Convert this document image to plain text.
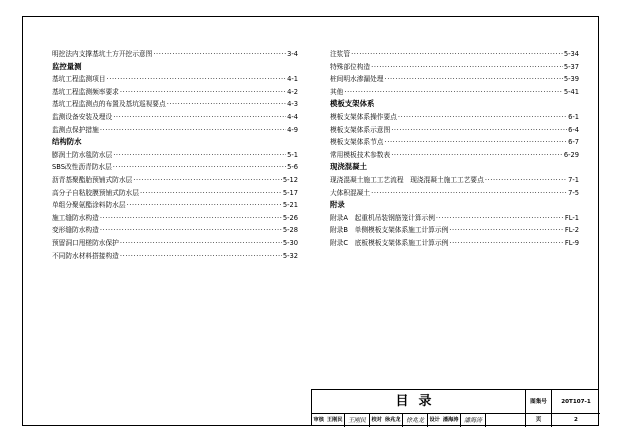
明挖法内支撑基坑土方开挖示意图 ·····	3-4
监控量测
基坑工程监测项目 ·····	4-1
基坑工程监测频率要求 ·····	4-2
基坑工程监测点的布置及基坑巡视要点 ·····	4-3
监测设备安装及埋设 ·····	4-4
监测点保护措施 ·····	4-9
结构防水
膨润土防水毯防水层 ·····	5-1
SBS改性沥青防水层 ·····	5-6
沥青基聚酯胎预铺式防水层 ·····	5-12
高分子自粘胶膜预铺式防水层 ·····	5-17
单组分聚氨酯涂料防水层 ·····	5-21
施工缝防水构造 ·····	5-26
变形缝防水构造 ·····	5-28
预留洞口甩槎防水保护 ·····	5-30
不同防水材料搭接构造 ·····	5-32
注浆管 ·····	5-34
特殊部位构造 ·····	5-37
桩间明水渗漏处理 ·····	5-39
其他 ·····	5-41
模板支架体系
模板支架体系操作要点 ·····	6-1
模板支架体系示意图 ·····	6-4
模板支架体系节点 ·····	6-7
常用模板技术参数表 ·····	6-29
现浇混凝土
现浇混凝土施工工艺流程　现浇混凝土施工工艺要点 ·····	7-1
大体积混凝土 ·····	7-5
附录
附录A　起重机吊装钢筋笼计算示例 ·····	FL-1
附录B　单侧模板支架体系施工计算示例 ·····	FL-2
附录C　底板模板支架体系施工计算示例 ·····	FL-9
目录	图集号	20T107-1
审核 王刚民 王刚民	校对 徐兆龙 徐兆龙	设计 潘海涛 潘海涛	页	2
